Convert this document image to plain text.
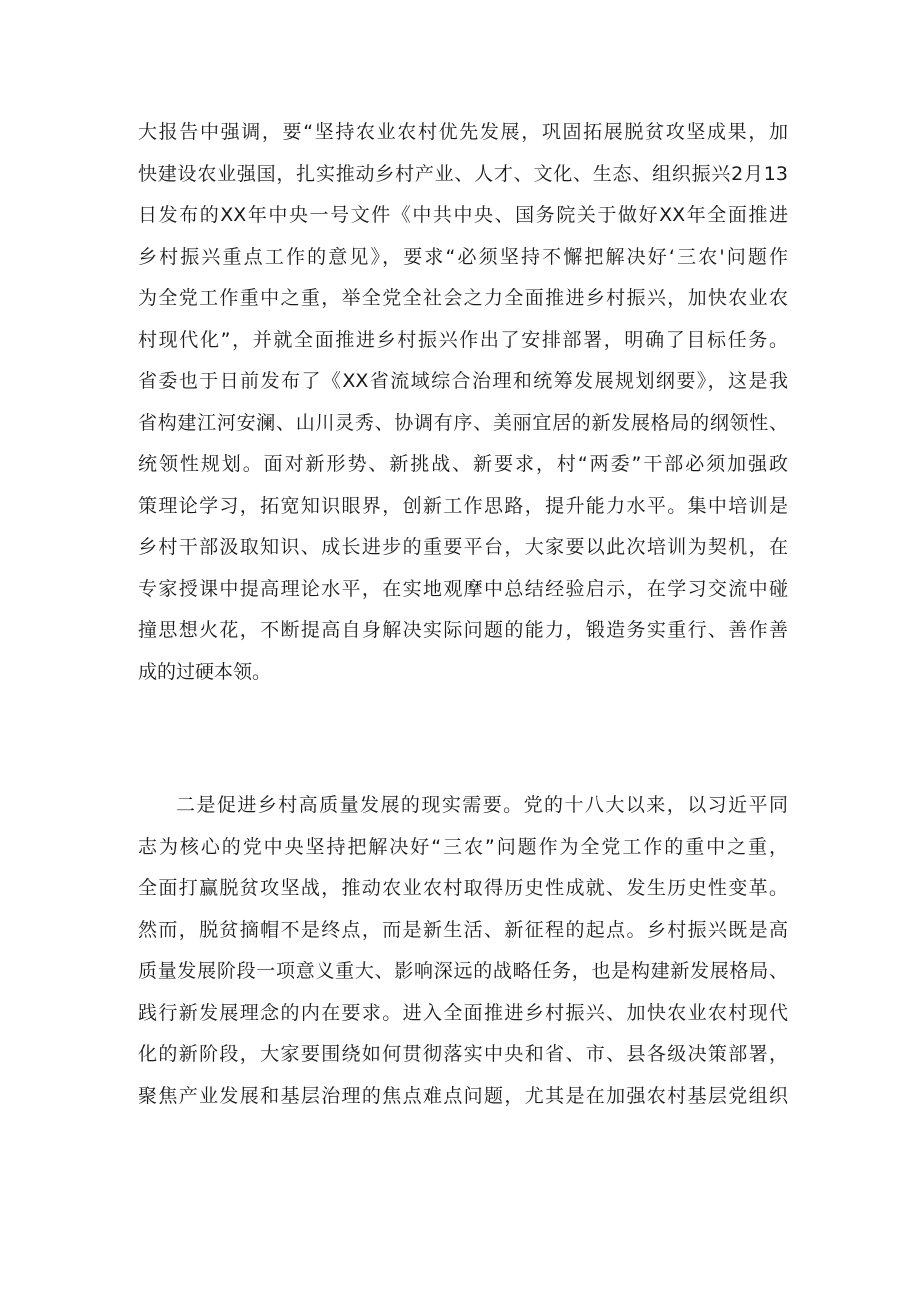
大报告中强调，要“坚持农业农村优先发展，巩固拓展脱贫攻坚成果，加
快建设农业强国，扎实推动乡村产业、人才、文化、生态、组织振兴2月13
日发布的XX年中央一号文件《中共中央、国务院关于做好XX年全面推进
乡村振兴重点工作的意见》，要求“必须坚持不懈把解决好‘三农'问题作
为全党工作重中之重，举全党全社会之力全面推进乡村振兴，加快农业农
村现代化”，并就全面推进乡村振兴作出了安排部署，明确了目标任务。
省委也于日前发布了《XX省流域综合治理和统筹发展规划纲要》，这是我
省构建江河安澜、山川灵秀、协调有序、美丽宜居的新发展格局的纲领性、
统领性规划。面对新形势、新挑战、新要求，村“两委”干部必须加强政
策理论学习，拓宽知识眼界，创新工作思路，提升能力水平。集中培训是
乡村干部汲取知识、成长进步的重要平台，大家要以此次培训为契机，在
专家授课中提高理论水平，在实地观摩中总结经验启示，在学习交流中碰
撞思想火花，不断提高自身解决实际问题的能力，锻造务实重行、善作善
成的过硬本领。
二是促进乡村高质量发展的现实需要。党的十八大以来，以习近平同
志为核心的党中央坚持把解决好“三农”问题作为全党工作的重中之重，
全面打赢脱贫攻坚战，推动农业农村取得历史性成就、发生历史性变革。
然而，脱贫摘帽不是终点，而是新生活、新征程的起点。乡村振兴既是高
质量发展阶段一项意义重大、影响深远的战略任务，也是构建新发展格局、
践行新发展理念的内在要求。进入全面推进乡村振兴、加快农业农村现代
化的新阶段，大家要围绕如何贯彻落实中央和省、市、县各级决策部署，
聚焦产业发展和基层治理的焦点难点问题，尤其是在加强农村基层党组织
